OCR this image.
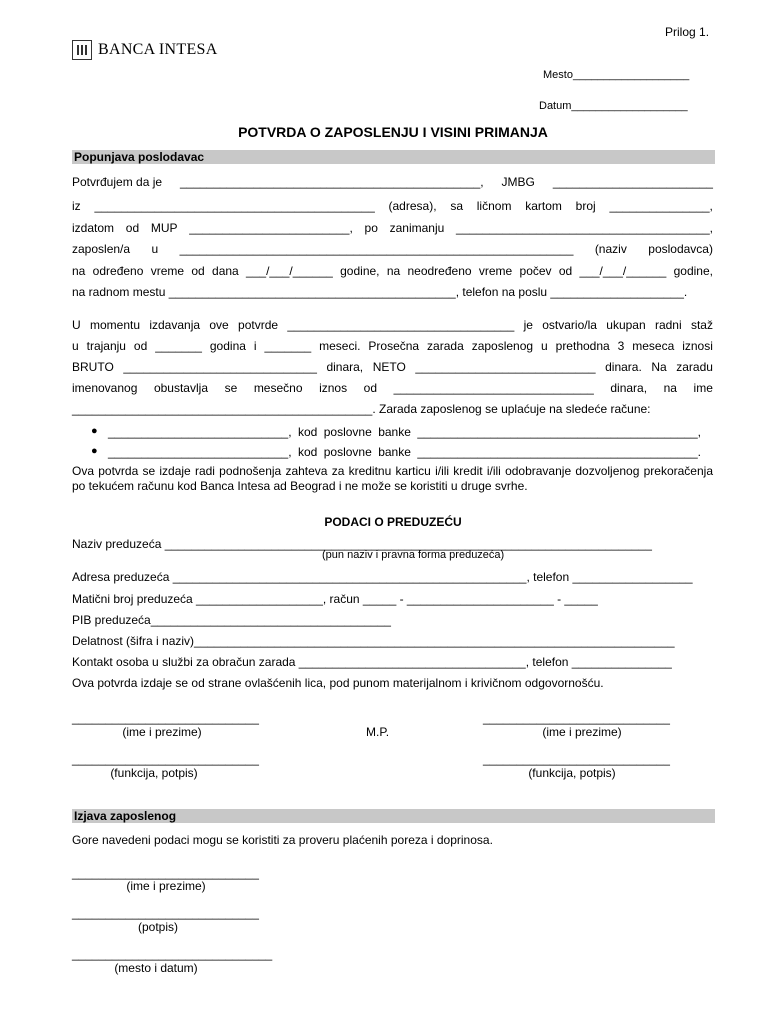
Prilog 1.
BANCA INTESA
Mesto___________________
Datum___________________
POTVRDA O ZAPOSLENJU I VISINI PRIMANJA
Popunjava poslodavac
Potvrđujem da je _____________________________________________, JMBG ________________________
iz __________________________________________ (adresa), sa ličnom kartom broj _______________,
izdatom od MUP ________________________, po zanimanju ______________________________________,
zaposlen/a u ___________________________________________________________ (naziv poslodavca)
na određeno vreme od dana ___/___/______ godine, na neodređeno vreme počev od ___/___/______ godine,
na radnom mestu ___________________________________________, telefon na poslu ____________________.
U momentu izdavanja ove potvrde __________________________________ je ostvario/la ukupan radni staž
u trajanju od _______ godina i _______ meseci. Prosečna zarada zaposlenog u prethodna 3 meseca iznosi
BRUTO _____________________________ dinara, NETO ___________________________ dinara. Na zaradu
imenovanog obustavlja se mesečno iznos od ______________________________ dinara, na ime
_____________________________________________. Zarada zaposlenog se uplaćuje na sledeće račune:
●
●
___________________________, kod poslovne banke __________________________________________,
___________________________, kod poslovne banke __________________________________________.
Ova potvrda se izdaje radi podnošenja zahteva za kreditnu karticu i/ili kredit i/ili odobravanje dozvoljenog prekoračenja po tekućem računu kod Banca Intesa ad Beograd i ne može se koristiti u druge svrhe.
PODACI O PREDUZEĆU
Naziv preduzeća _________________________________________________________________________
(pun naziv i pravna forma preduzeća)
Adresa preduzeća _____________________________________________________, telefon __________________
Matični broj preduzeća ___________________, račun _____ - ______________________ - _____
PIB preduzeća____________________________________
Delatnost (šifra i naziv)________________________________________________________________________
Kontakt osoba u službi za obračun zarada __________________________________, telefon _______________
Ova potvrda izdaje se od strane ovlašćenih lica, pod punom materijalnom i krivičnom odgovornošću.
____________________________
(ime i prezime)	M.P.
____________________________
(ime i prezime)
____________________________
(funkcija, potpis)
____________________________
(funkcija, potpis)
Izjava zaposlenog
Gore navedeni podaci mogu se koristiti za proveru plaćenih poreza i doprinosa.
____________________________
(ime i prezime)
____________________________
(potpis)
______________________________
(mesto i datum)
